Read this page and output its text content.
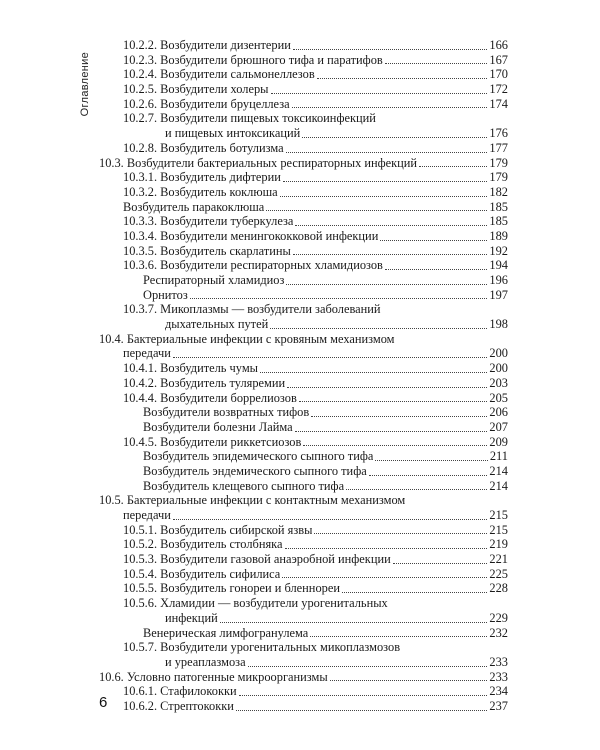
Оглавление
10.2.2. Возбудители дизентерии	166
10.2.3. Возбудители брюшного тифа и паратифов	167
10.2.4. Возбудители сальмонеллезов	170
10.2.5. Возбудители холеры	172
10.2.6. Возбудители бруцеллеза	174
10.2.7. Возбудители пищевых токсикоинфекций
и пищевых интоксикаций	176
10.2.8. Возбудитель ботулизма	177
10.3. Возбудители бактериальных респираторных инфекций	179
10.3.1. Возбудитель дифтерии	179
10.3.2. Возбудитель коклюша	182
Возбудитель паракоклюша	185
10.3.3. Возбудители туберкулеза	185
10.3.4. Возбудители менингококковой инфекции	189
10.3.5. Возбудитель скарлатины	192
10.3.6. Возбудители респираторных хламидиозов	194
Респираторный хламидиоз	196
Орнитоз	197
10.3.7. Микоплазмы — возбудители заболеваний
дыхательных путей	198
10.4. Бактериальные инфекции с кровяным механизмом
передачи	200
10.4.1. Возбудитель чумы	200
10.4.2. Возбудитель туляремии	203
10.4.4. Возбудители боррелиозов	205
Возбудители возвратных тифов	206
Возбудители болезни Лайма	207
10.4.5. Возбудители риккетсиозов	209
Возбудитель эпидемического сыпного тифа	211
Возбудитель эндемического сыпного тифа	214
Возбудитель клещевого сыпного тифа	214
10.5. Бактериальные инфекции с контактным механизмом
передачи	215
10.5.1. Возбудитель сибирской язвы	215
10.5.2. Возбудитель столбняка	219
10.5.3. Возбудители газовой анаэробной инфекции	221
10.5.4. Возбудитель сифилиса	225
10.5.5. Возбудитель гонореи и бленнореи	228
10.5.6. Хламидии — возбудители урогенитальных
инфекций	229
Венерическая лимфогранулема	232
10.5.7. Возбудители урогенитальных микоплазмозов
и уреаплазмоза	233
10.6. Условно патогенные микроорганизмы	233
10.6.1. Стафилококки	234
10.6.2. Стрептококки	237
6
